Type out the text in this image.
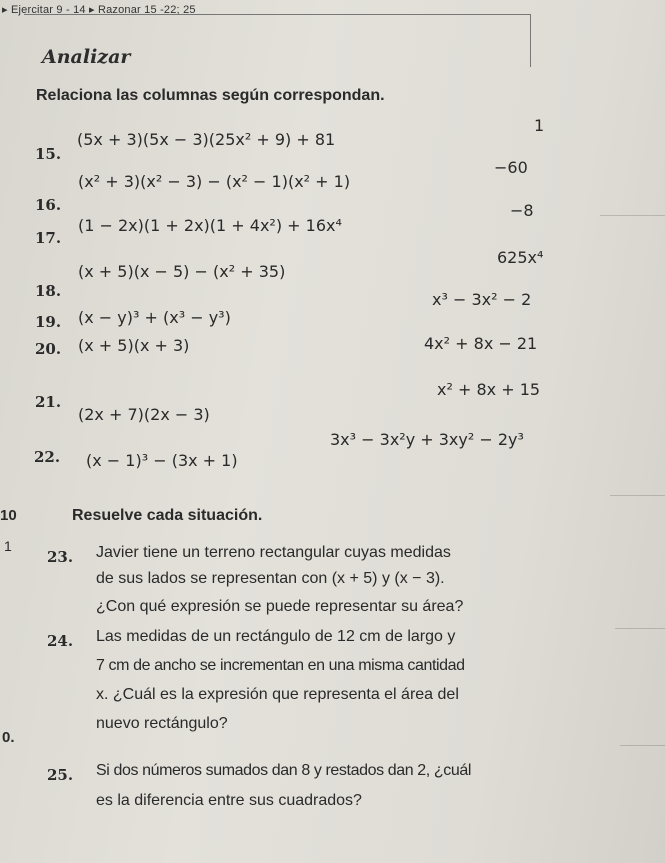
▸ Ejercitar 9 - 14 ▸ Razonar 15 -22; 25
Analizar
Relaciona las columnas según correspondan.
15.
(5x + 3)(5x − 3)(25x² + 9) + 81
16.
(x² + 3)(x² − 3) − (x² − 1)(x² + 1)
17.
(1 − 2x)(1 + 2x)(1 + 4x²) + 16x⁴
18.
(x + 5)(x − 5) − (x² + 35)
19. (x − y)³ + (x³ − y³)
20. (x + 5)(x + 3)
21.
(2x + 7)(2x − 3)
22. (x − 1)³ − (3x + 1)
1
−60
−8
625x⁴
x³ − 3x² − 2
4x² + 8x − 21
x² + 8x + 15
3x³ − 3x²y + 3xy² − 2y³
10
1
0.
Resuelve cada situación.
23. Javier tiene un terreno rectangular cuyas medidas
de sus lados se representan con (x + 5) y (x − 3).
¿Con qué expresión se puede representar su área?
24. Las medidas de un rectángulo de 12 cm de largo y
7 cm de ancho se incrementan en una misma cantidad
x. ¿Cuál es la expresión que representa el área del
nuevo rectángulo?
25. Si dos números sumados dan 8 y restados dan 2, ¿cuál
es la diferencia entre sus cuadrados?
